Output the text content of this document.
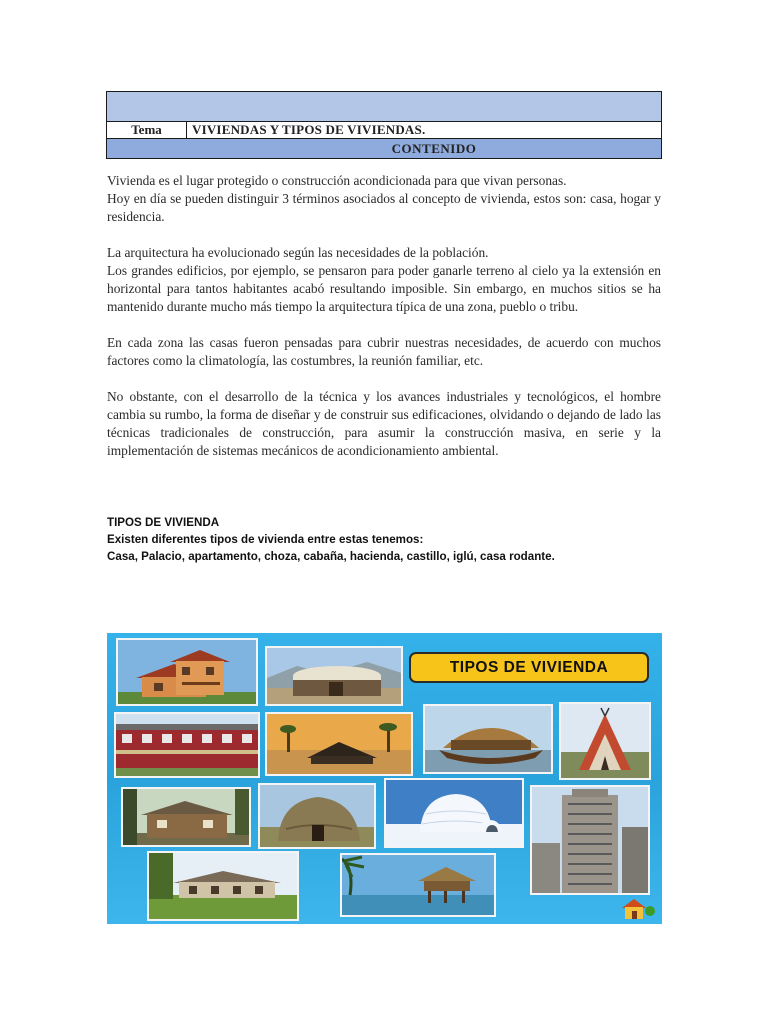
Tema	VIVIENDAS Y TIPOS DE VIVIENDAS.
CONTENIDO

Vivienda es el lugar protegido o construcción acondicionada para que vivan personas.
Hoy en día se pueden distinguir 3 términos asociados al concepto de vivienda, estos son: casa, hogar y residencia.

La arquitectura ha evolucionado según las necesidades de la población.
Los grandes edificios, por ejemplo, se pensaron para poder ganarle terreno al cielo ya la extensión en horizontal para tantos habitantes acabó resultando imposible. Sin embargo, en muchos sitios se ha mantenido durante mucho más tiempo la arquitectura típica de una zona, pueblo o tribu.

En cada zona las casas fueron pensadas para cubrir nuestras necesidades, de acuerdo con muchos factores como la climatología, las costumbres, la reunión familiar, etc.

No obstante, con el desarrollo de la técnica y los avances industriales y tecnológicos, el hombre cambia su rumbo, la forma de diseñar y de construir sus edificaciones, olvidando o dejando de lado las técnicas tradicionales de construcción, para asumir la construcción masiva, en serie y la implementación de sistemas mecánicos de acondicionamiento ambiental.

TIPOS DE VIVIENDA
Existen diferentes tipos de vivienda entre estas tenemos:
Casa, Palacio, apartamento, choza, cabaña, hacienda, castillo, iglú, casa rodante.
TIPOS DE VIVIENDA
